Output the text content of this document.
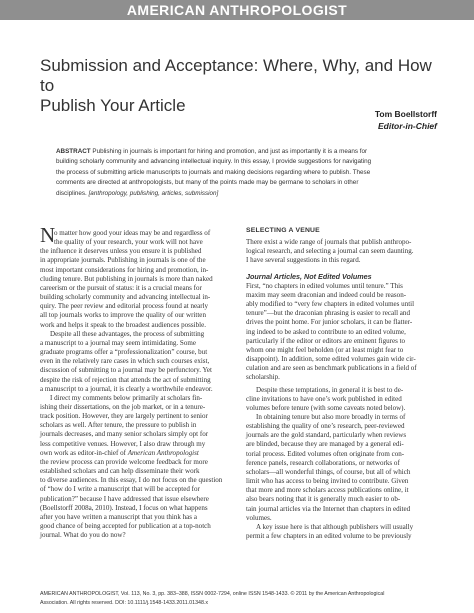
AMERICAN ANTHROPOLOGIST
Submission and Acceptance: Where, Why, and How to
Publish Your Article	Tom Boellstorff
Editor-in-Chief
ABSTRACT Publishing in journals is important for hiring and promotion, and just as importantly it is a means for
building scholarly community and advancing intellectual inquiry. In this essay, I provide suggestions for navigating
the process of submitting article manuscripts to journals and making decisions regarding where to publish. These
comments are directed at anthropologists, but many of the points made may be germane to scholars in other
disciplines. [anthropology, publishing, articles, submission]
N
o matter how good your ideas may be and regardless of
the quality of your research, your work will not have
the influence it deserves unless you ensure it is published
in appropriate journals. Publishing in journals is one of the
most important considerations for hiring and promotion, in-
cluding tenure. But publishing in journals is more than naked
careerism or the pursuit of status: it is a crucial means for
building scholarly community and advancing intellectual in-
quiry. The peer review and editorial process found at nearly
all top journals works to improve the quality of our written
work and helps it speak to the broadest audiences possible.
Despite all these advantages, the process of submitting
a manuscript to a journal may seem intimidating. Some
graduate programs offer a “professionalization” course, but
even in the relatively rare cases in which such courses exist,
discussion of submitting to a journal may be perfunctory. Yet
despite the risk of rejection that attends the act of submitting
a manuscript to a journal, it is clearly a worthwhile endeavor.
I direct my comments below primarily at scholars fin-
ishing their dissertations, on the job market, or in a tenure-
track position. However, they are largely pertinent to senior
scholars as well. After tenure, the pressure to publish in
journals decreases, and many senior scholars simply opt for
less competitive venues. However, I also draw through my
own work as editor-in-chief of American Anthropologist
the review process can provide welcome feedback for more
established scholars and can help disseminate their work
to diverse audiences. In this essay, I do not focus on the question
of “how do I write a manuscript that will be accepted for
publication?” because I have addressed that issue elsewhere
(Boellstorff 2008a, 2010). Instead, I focus on what happens
after you have written a manuscript that you think has a
good chance of being accepted for publication at a top-notch
journal. What do you do now?
SELECTING A VENUE
There exist a wide range of journals that publish anthropo-
logical research, and selecting a journal can seem daunting.
I have several suggestions in this regard.
Journal Articles, Not Edited Volumes
First, “no chapters in edited volumes until tenure.” This
maxim may seem draconian and indeed could be reason-
ably modified to “very few chapters in edited volumes until
tenure”—but the draconian phrasing is easier to recall and
drives the point home. For junior scholars, it can be flatter-
ing indeed to be asked to contribute to an edited volume,
particularly if the editor or editors are eminent figures to
whom one might feel beholden (or at least might fear to
disappoint). In addition, some edited volumes gain wide cir-
culation and are seen as benchmark publications in a field of
scholarship.
Despite these temptations, in general it is best to de-
cline invitations to have one’s work published in edited
volumes before tenure (with some caveats noted below).
In obtaining tenure but also more broadly in terms of
establishing the quality of one’s research, peer-reviewed
journals are the gold standard, particularly when reviews
are blinded, because they are managed by a general edi-
torial process. Edited volumes often originate from con-
ference panels, research collaborations, or networks of
scholars—all wonderful things, of course, but all of which
limit who has access to being invited to contribute. Given
that more and more scholars access publications online, it
also bears noting that it is generally much easier to ob-
tain journal articles via the Internet than chapters in edited
volumes.
A key issue here is that although publishers will usually
permit a few chapters in an edited volume to be previously
AMERICAN ANTHROPOLOGIST, Vol. 113, No. 3, pp. 383–388, ISSN 0002-7294, online ISSN 1548-1433. © 2011 by the American Anthropological
Association. All rights reserved. DOI: 10.1111/j.1548-1433.2011.01348.x
